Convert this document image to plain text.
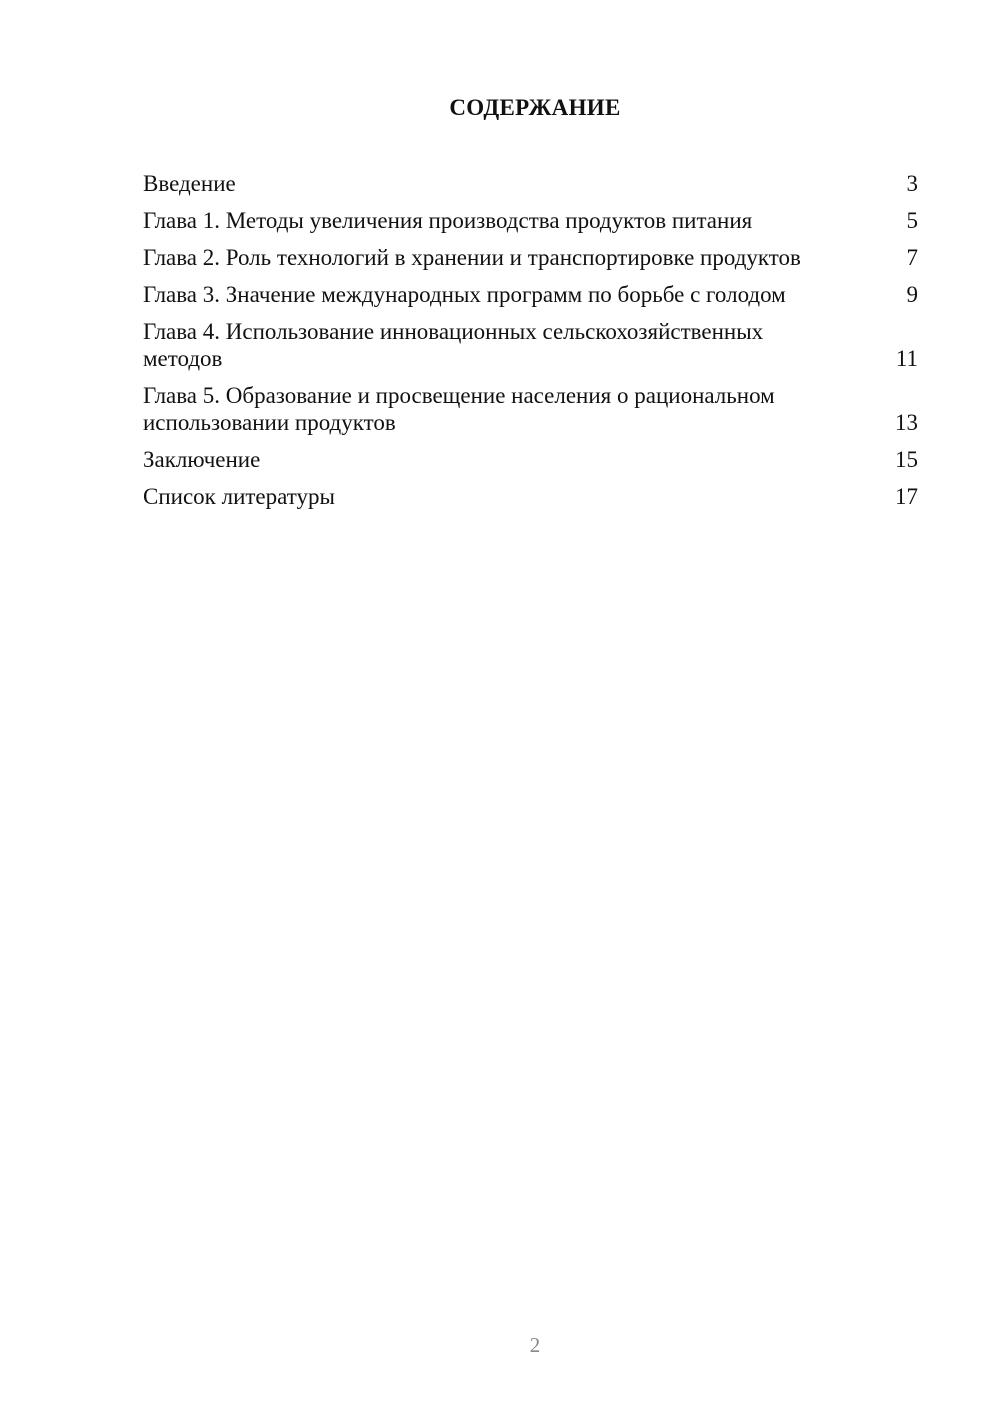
СОДЕРЖАНИЕ
Введение	3
Глава 1. Методы увеличения производства продуктов питания	5
Глава 2. Роль технологий в хранении и транспортировке продуктов	7
Глава 3. Значение международных программ по борьбе с голодом	9
Глава 4. Использование инновационных сельскохозяйственных методов	11
Глава 5. Образование и просвещение населения о рациональном использовании продуктов	13
Заключение	15
Список литературы	17
2
